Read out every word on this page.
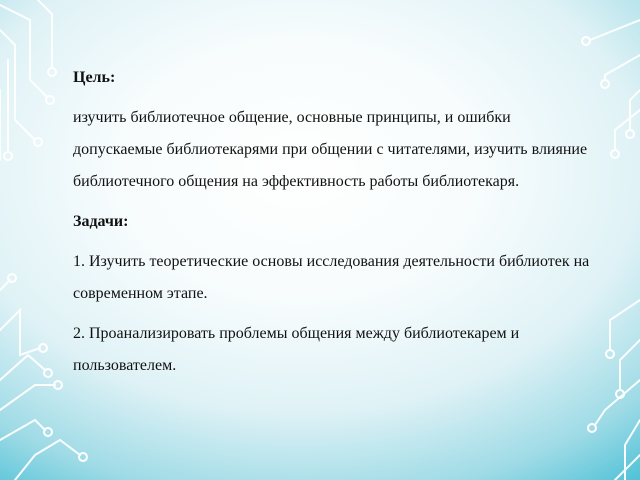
Цель:

изучить библиотечное общение, основные принципы, и ошибки допускаемые библиотекарями при общении с читателями, изучить влияние библиотечного общения на эффективность работы библиотекаря.

Задачи:

1. Изучить теоретические основы исследования деятельности библиотек на современном этапе.

2. Проанализировать проблемы общения между библиотекарем и пользователем.
